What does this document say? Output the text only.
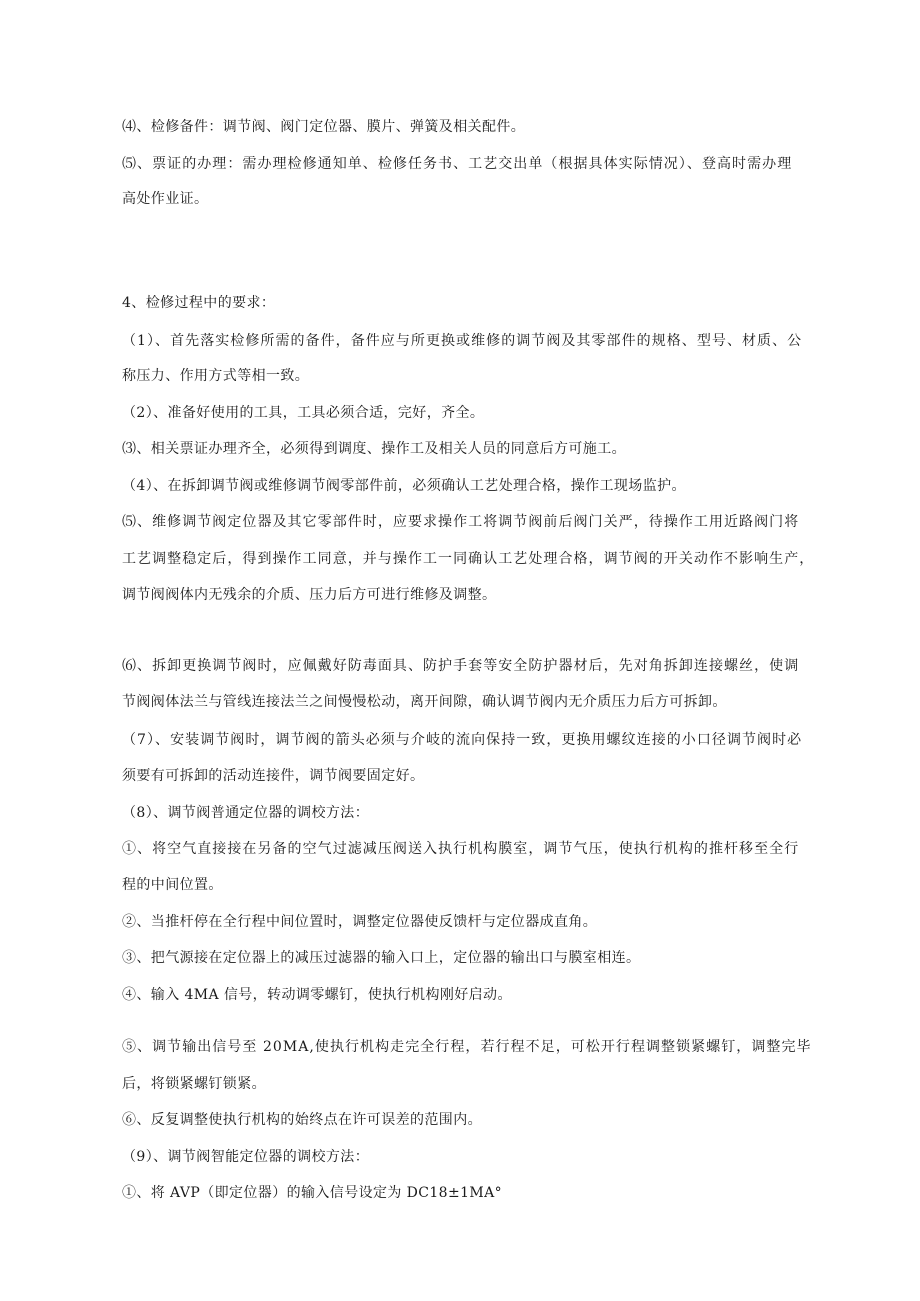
⑷、检修备件：调节阀、阀门定位器、膜片、弹簧及相关配件。
⑸、票证的办理：需办理检修通知单、检修任务书、工艺交出单（根据具体实际情况）、登高时需办理
高处作业证。
4、检修过程中的要求：
（1）、首先落实检修所需的备件，备件应与所更换或维修的调节阀及其零部件的规格、型号、材质、公
称压力、作用方式等相一致。
（2）、准备好使用的工具，工具必须合适，完好，齐全。
⑶、相关票证办理齐全，必须得到调度、操作工及相关人员的同意后方可施工。
（4）、在拆卸调节阀或维修调节阀零部件前，必须确认工艺处理合格，操作工现场监护。
⑸、维修调节阀定位器及其它零部件时，应要求操作工将调节阀前后阀门关严，待操作工用近路阀门将
工艺调整稳定后，得到操作工同意，并与操作工一同确认工艺处理合格，调节阀的开关动作不影响生产，
调节阀阀体内无残余的介质、压力后方可进行维修及调整。
⑹、拆卸更换调节阀时，应佩戴好防毒面具、防护手套等安全防护器材后，先对角拆卸连接螺丝，使调
节阀阀体法兰与管线连接法兰之间慢慢松动，离开间隙，确认调节阀内无介质压力后方可拆卸。
（7）、安装调节阀时，调节阀的箭头必须与介岐的流向保持一致，更换用螺纹连接的小口径调节阀时必
须要有可拆卸的活动连接件，调节阀要固定好。
（8）、调节阀普通定位器的调校方法：
①、将空气直接接在另备的空气过滤减压阀送入执行机构膜室，调节气压，使执行机构的推杆移至全行
程的中间位置。
②、当推杆停在全行程中间位置时，调整定位器使反馈杆与定位器成直角。
③、把气源接在定位器上的减压过滤器的输入口上，定位器的输出口与膜室相连。
④、输入 4MA 信号，转动调零螺钉，使执行机构刚好启动。
⑤、调节输出信号至 20MA,使执行机构走完全行程，若行程不足，可松开行程调整锁紧螺钉，调整完毕
后，将锁紧螺钉锁紧。
⑥、反复调整使执行机构的始终点在许可误差的范围内。
（9）、调节阀智能定位器的调校方法：
①、将 AVP（即定位器）的输入信号设定为 DC18±1MA°
